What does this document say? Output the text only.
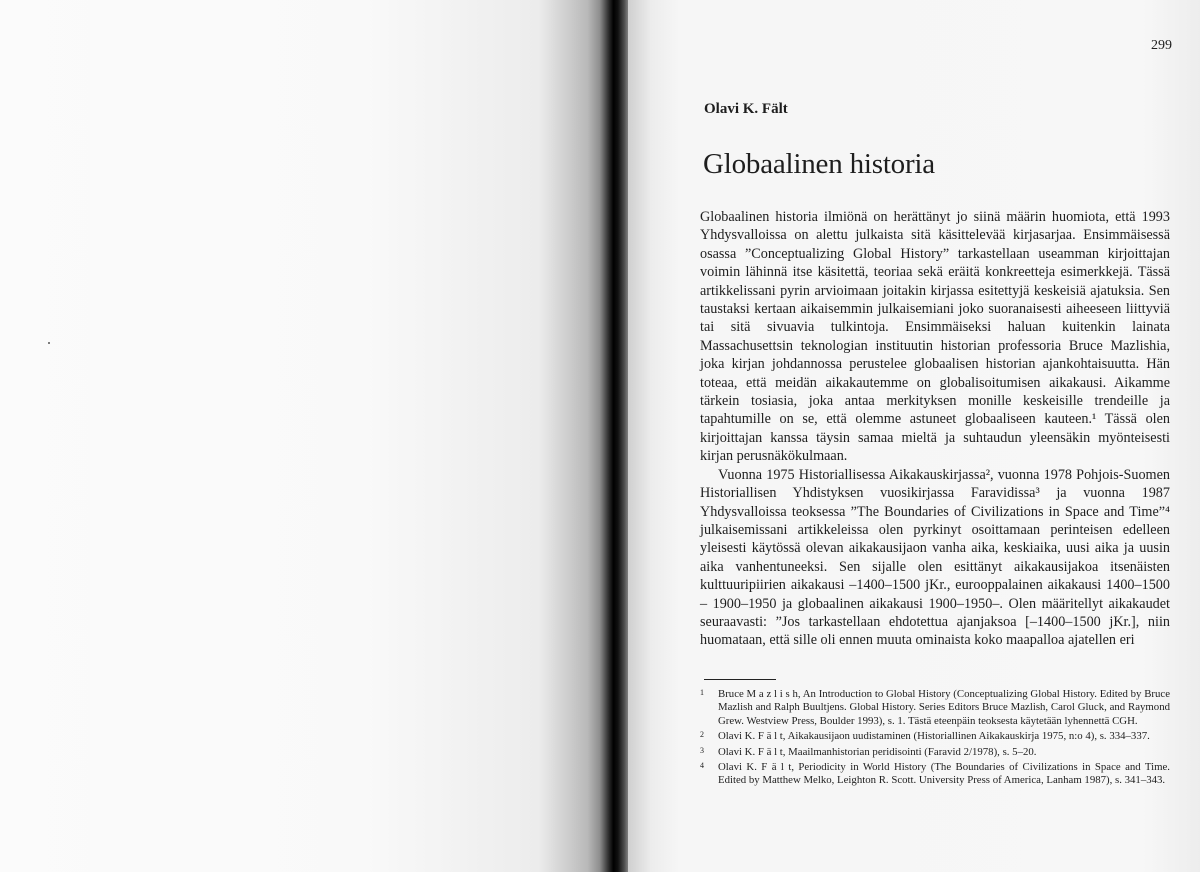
299
Olavi K. Fält
Globaalinen historia

Globaalinen historia ilmiönä on herättänyt jo siinä määrin huomiota, että 1993 Yhdysvalloissa on alettu julkaista sitä käsittelevää kirjasarjaa. Ensimmäisessä osassa ”Conceptualizing Global History” tarkastellaan useamman kirjoittajan voimin lähinnä itse käsitettä, teoriaa sekä eräitä konkreetteja esimerkkejä. Tässä artikkelissani pyrin arvioimaan joitakin kirjassa esitettyjä keskeisiä ajatuksia. Sen taustaksi kertaan aikaisemmin julkaisemiani joko suoranaisesti aiheeseen liittyviä tai sitä sivuavia tulkintoja. Ensimmäiseksi haluan kuitenkin lainata Massachusettsin teknologian instituutin historian professoria Bruce Mazlishia, joka kirjan johdannossa perustelee globaalisen historian ajankohtaisuutta. Hän toteaa, että meidän aikakautemme on globalisoitumisen aikakausi. Aikamme tärkein tosiasia, joka antaa merkityksen monille keskeisille trendeille ja tapahtumille on se, että olemme astuneet globaaliseen kauteen.¹ Tässä olen kirjoittajan kanssa täysin samaa mieltä ja suhtaudun yleensäkin myönteisesti kirjan perusnäkökulmaan.

Vuonna 1975 Historiallisessa Aikakauskirjassa², vuonna 1978 Pohjois-Suomen Historiallisen Yhdistyksen vuosikirjassa Faravidissa³ ja vuonna 1987 Yhdysvalloissa teoksessa ”The Boundaries of Civilizations in Space and Time”⁴ julkaisemissani artikkeleissa olen pyrkinyt osoittamaan perinteisen edelleen yleisesti käytössä olevan aikakausijaon vanha aika, keskiaika, uusi aika ja uusin aika vanhentuneeksi. Sen sijalle olen esittänyt aikakausijakoa itsenäisten kulttuuripiirien aikakausi –1400–1500 jKr., eurooppalainen aikakausi 1400–1500 – 1900–1950 ja globaalinen aikakausi 1900–1950–. Olen määritellyt aikakaudet seuraavasti: ”Jos tarkastellaan ehdotettua ajanjaksoa [–1400–1500 jKr.], niin huomataan, että sille oli ennen muuta ominaista koko maapalloa ajatellen eri

1 Bruce M a z l i s h, An Introduction to Global History (Conceptualizing Global History. Edited by Bruce Mazlish and Ralph Buultjens. Global History. Series Editors Bruce Mazlish, Carol Gluck, and Raymond Grew. Westview Press, Boulder 1993), s. 1. Tästä eteenpäin teoksesta käytetään lyhennettä CGH.
2 Olavi K. F ä l t, Aikakausijaon uudistaminen (Historiallinen Aikakauskirja 1975, n:o 4), s. 334–337.
3 Olavi K. F ä l t, Maailmanhistorian peridisointi (Faravid 2/1978), s. 5–20.
4 Olavi K. F ä l t, Periodicity in World History (The Boundaries of Civilizations in Space and Time. Edited by Matthew Melko, Leighton R. Scott. University Press of America, Lanham 1987), s. 341–343.
